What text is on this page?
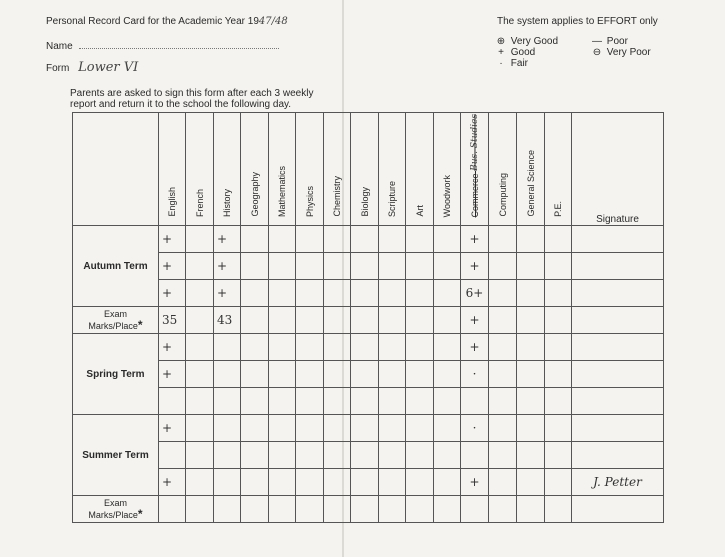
Personal Record Card for the Academic Year 1947/48
Name
Form Lower VI
Parents are asked to sign this form after each 3 weekly
report and return it to the school the following day.
The system applies to EFFORT only
⊕ Very Good
+ Good
· Fair
— Poor
⊖ Very Poor

	English	French	History	Geography	Mathematics	Physics	Chemistry	Biology	Scripture	Art	Woodwork	Commerce Bus. Studies	Computing	General Science	P.E.	Signature
Autumn Term	+		+									+				
	+		+									+				
	+		+									6+				

Exam
Marks/Place*	35		43									+				
Spring Term	+											+				
	+											·				

Summer Term	+											·				

	+											+				J. Petter

Exam
Marks/Place*																
